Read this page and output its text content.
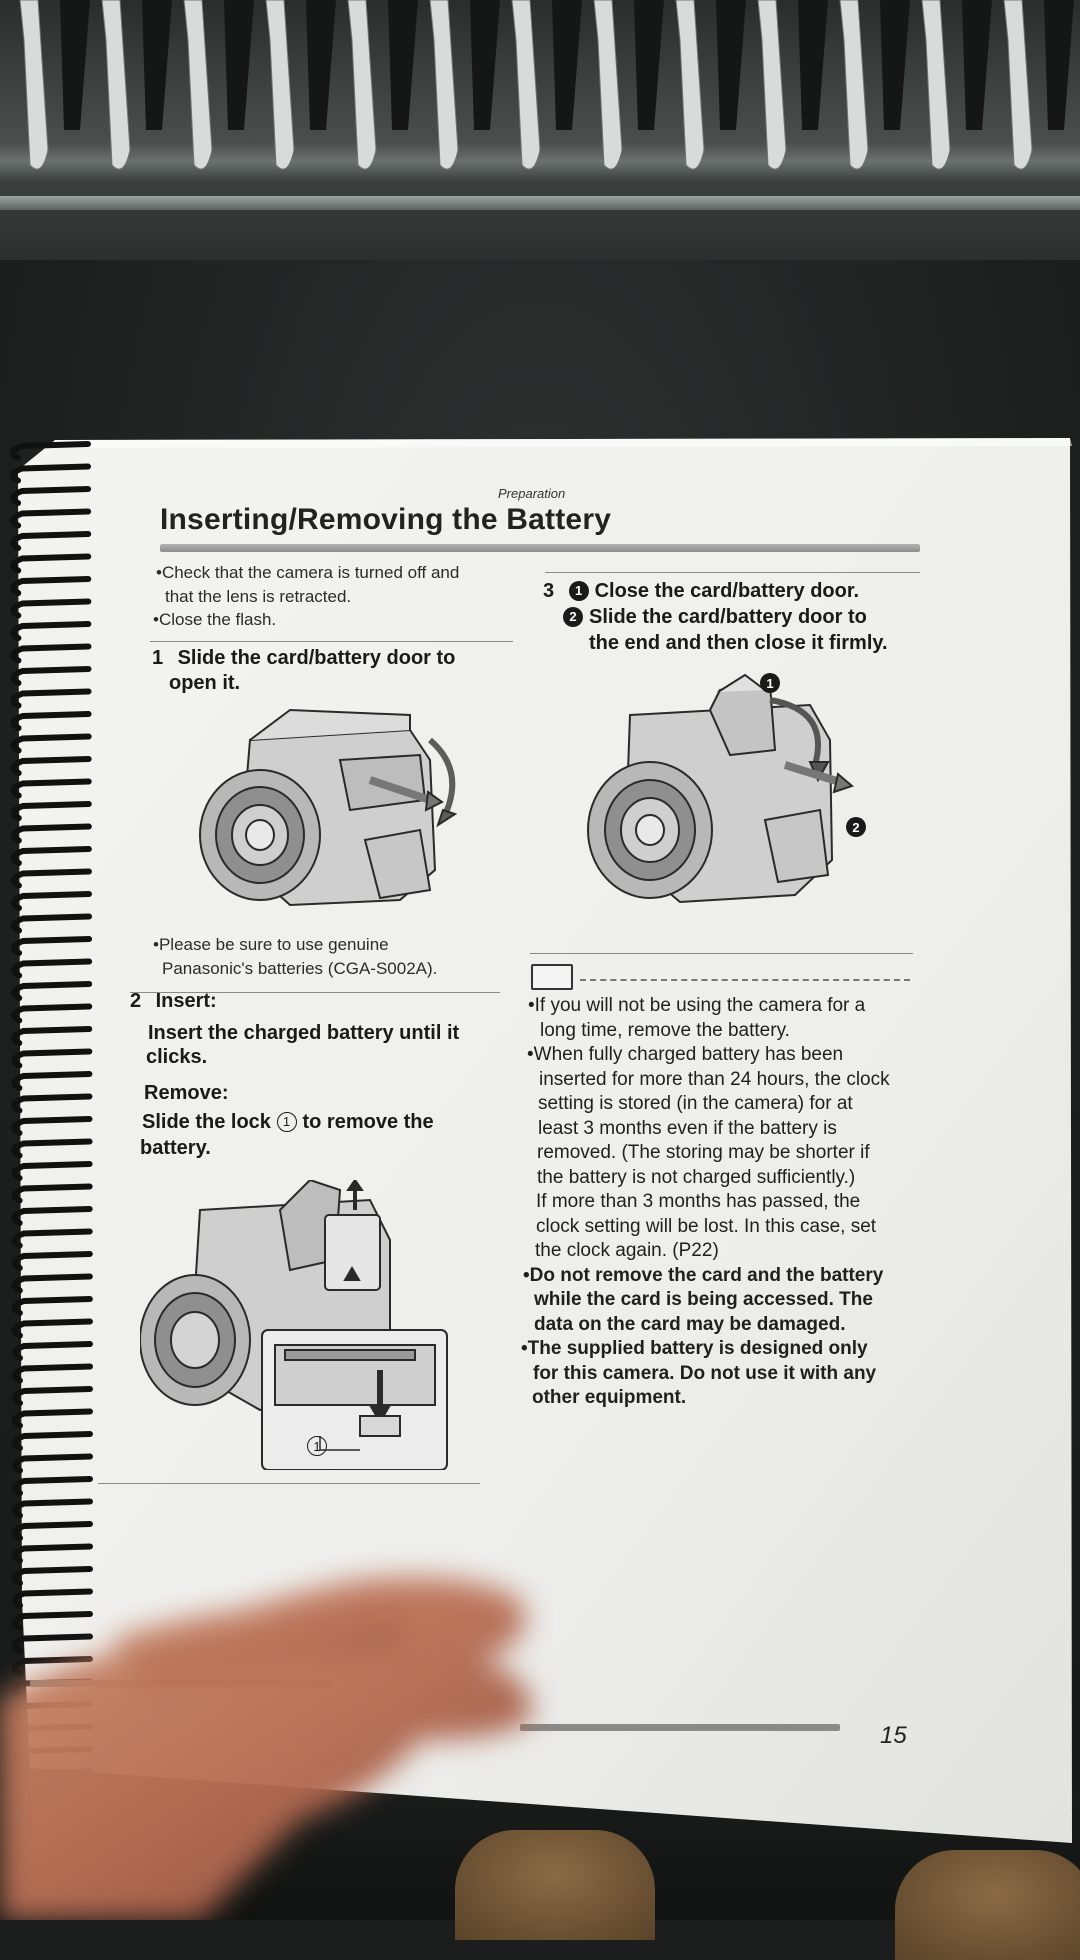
Preparation

Inserting/Removing the Battery
•Check that the camera is turned off and
that the lens is retracted.
•Close the flash.
1 Slide the card/battery door to
open it.
•Please be sure to use genuine
Panasonic's batteries (CGA-S002A).
2 Insert:
Insert the charged battery until it
clicks.
Remove:
Slide the lock 1 to remove the
battery.
1
3 1 Close the card/battery door.
2 Slide the card/battery door to
the end and then close it firmly.
1
2
•If you will not be using the camera for a
long time, remove the battery.
•When fully charged battery has been
inserted for more than 24 hours, the clock
setting is stored (in the camera) for at
least 3 months even if the battery is
removed. (The storing may be shorter if
the battery is not charged sufficiently.)
If more than 3 months has passed, the
clock setting will be lost. In this case, set
the clock again. (P22)
•Do not remove the card and the battery
while the card is being accessed. The
data on the card may be damaged.
•The supplied battery is designed only
for this camera. Do not use it with any
other equipment.
15
